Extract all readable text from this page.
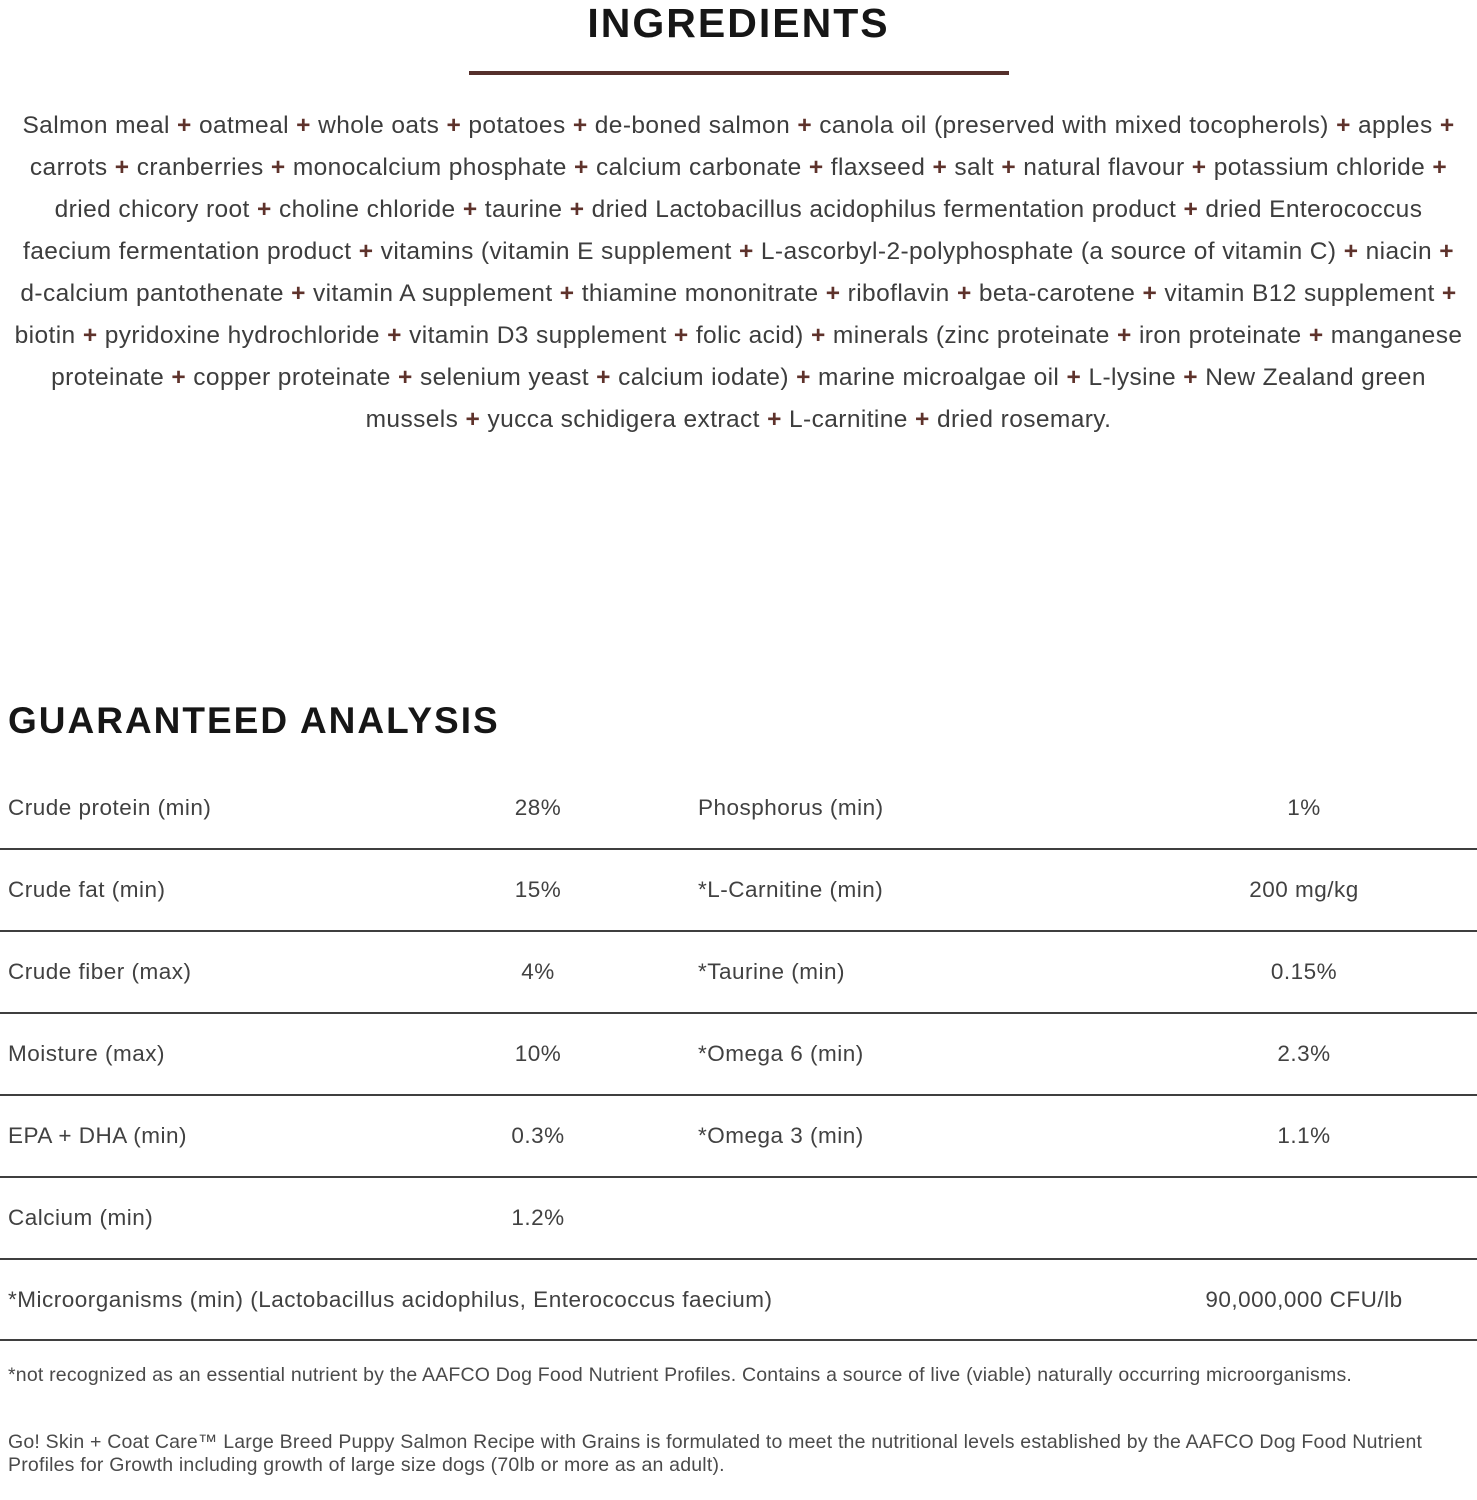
INGREDIENTS

Salmon meal + oatmeal + whole oats + potatoes + de-boned salmon + canola oil (preserved with mixed tocopherols) + apples + carrots + cranberries + monocalcium phosphate + calcium carbonate + flaxseed + salt + natural flavour + potassium chloride + dried chicory root + choline chloride + taurine + dried Lactobacillus acidophilus fermentation product + dried Enterococcus faecium fermentation product + vitamins (vitamin E supplement + L-ascorbyl-2-polyphosphate (a source of vitamin C) + niacin + d-calcium pantothenate + vitamin A supplement + thiamine mononitrate + riboflavin + beta-carotene + vitamin B12 supplement + biotin + pyridoxine hydrochloride + vitamin D3 supplement + folic acid) + minerals (zinc proteinate + iron proteinate + manganese proteinate + copper proteinate + selenium yeast + calcium iodate) + marine microalgae oil + L-lysine + New Zealand green mussels + yucca schidigera extract + L-carnitine + dried rosemary.

GUARANTEED ANALYSIS
Crude protein (min)	28%	Phosphorus (min)	1%
Crude fat (min)	15%	*L-Carnitine (min)	200 mg/kg
Crude fiber (max)	4%	*Taurine (min)	0.15%
Moisture (max)	10%	*Omega 6 (min)	2.3%
EPA + DHA (min)	0.3%	*Omega 3 (min)	1.1%
Calcium (min)	1.2%
*Microorganisms (min) (Lactobacillus acidophilus, Enterococcus faecium)	90,000,000 CFU/lb

*not recognized as an essential nutrient by the AAFCO Dog Food Nutrient Profiles. Contains a source of live (viable) naturally occurring microorganisms.

Go! Skin + Coat Care™ Large Breed Puppy Salmon Recipe with Grains is formulated to meet the nutritional levels established by the AAFCO Dog Food Nutrient Profiles for Growth including growth of large size dogs (70lb or more as an adult).
